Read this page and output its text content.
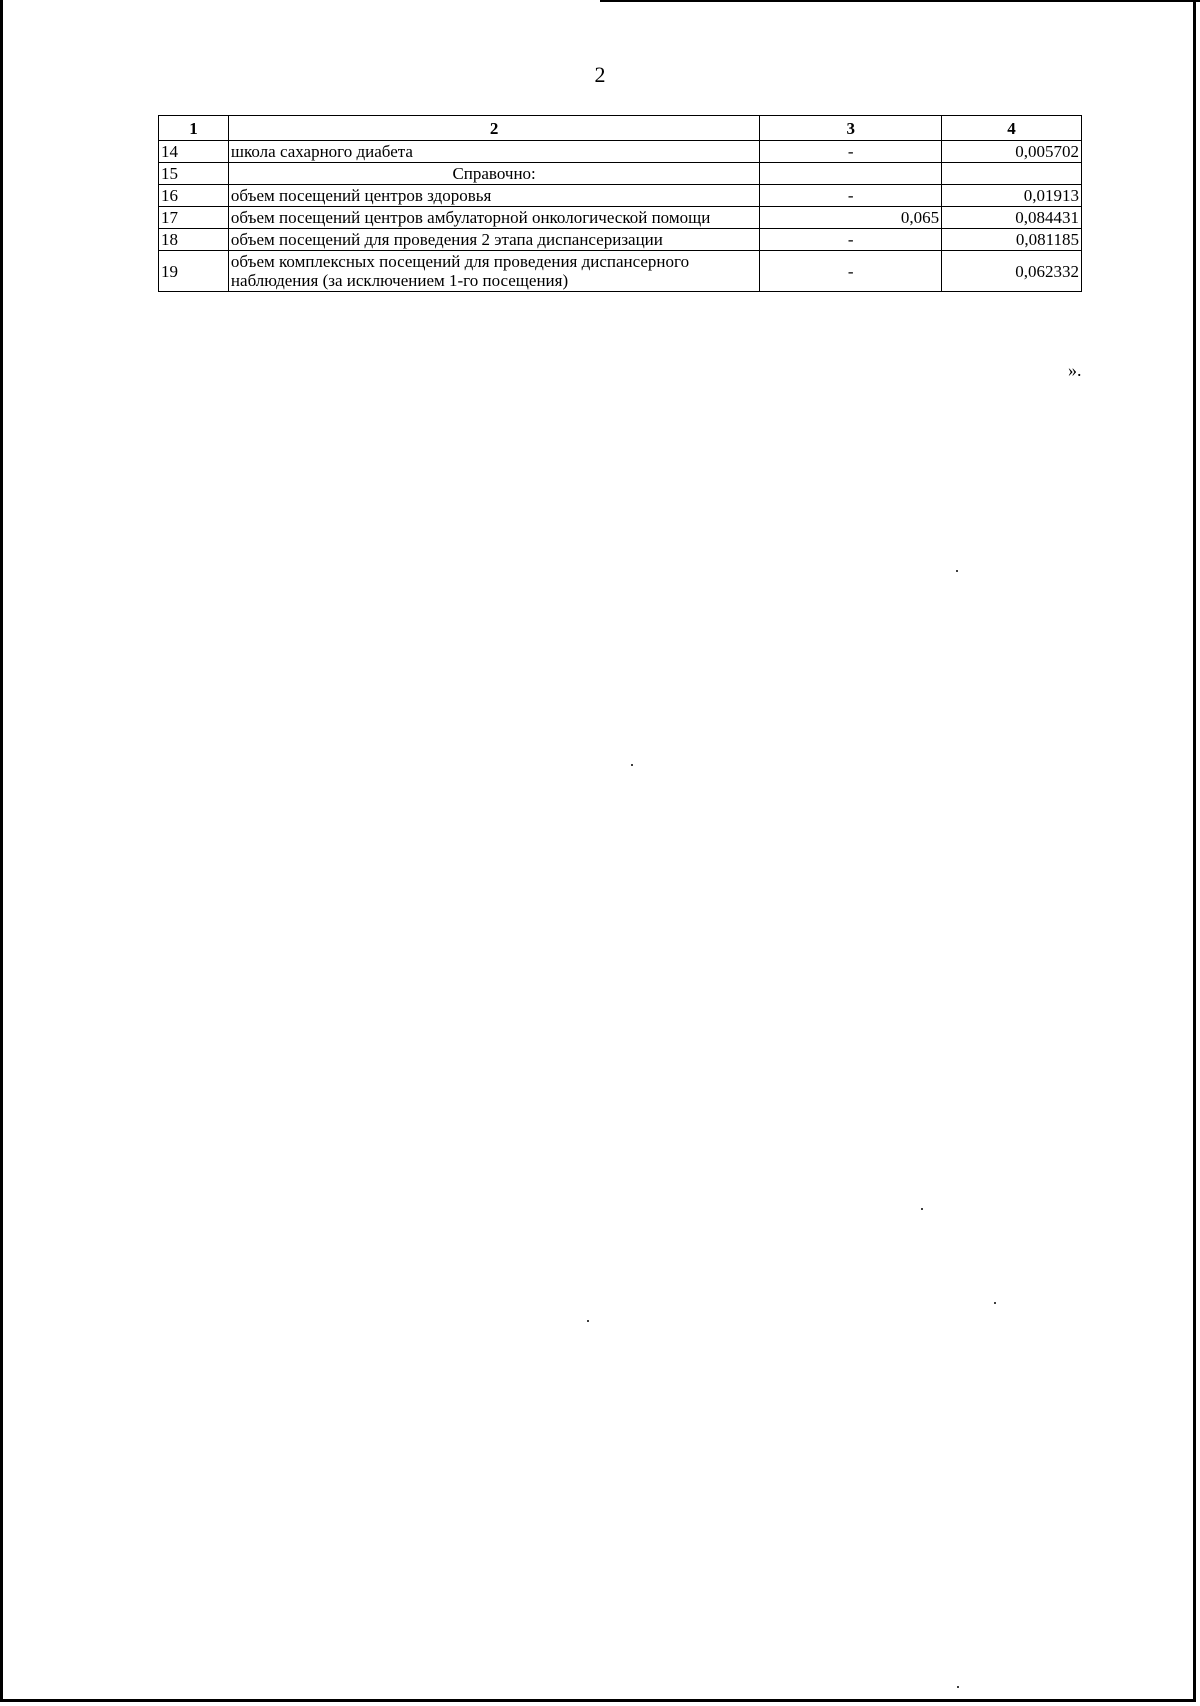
2
1	2	3	4
14	школа сахарного диабета	-	0,005702
15	Справочно:		
16	объем посещений центров здоровья	-	0,01913
17	объем посещений центров амбулаторной онкологической помощи	0,065	0,084431
18	объем посещений для проведения 2 этапа диспансеризации	-	0,081185
19	объем комплексных посещений для проведения диспансерного наблюдения (за исключением 1-го посещения)	-	0,062332
».
